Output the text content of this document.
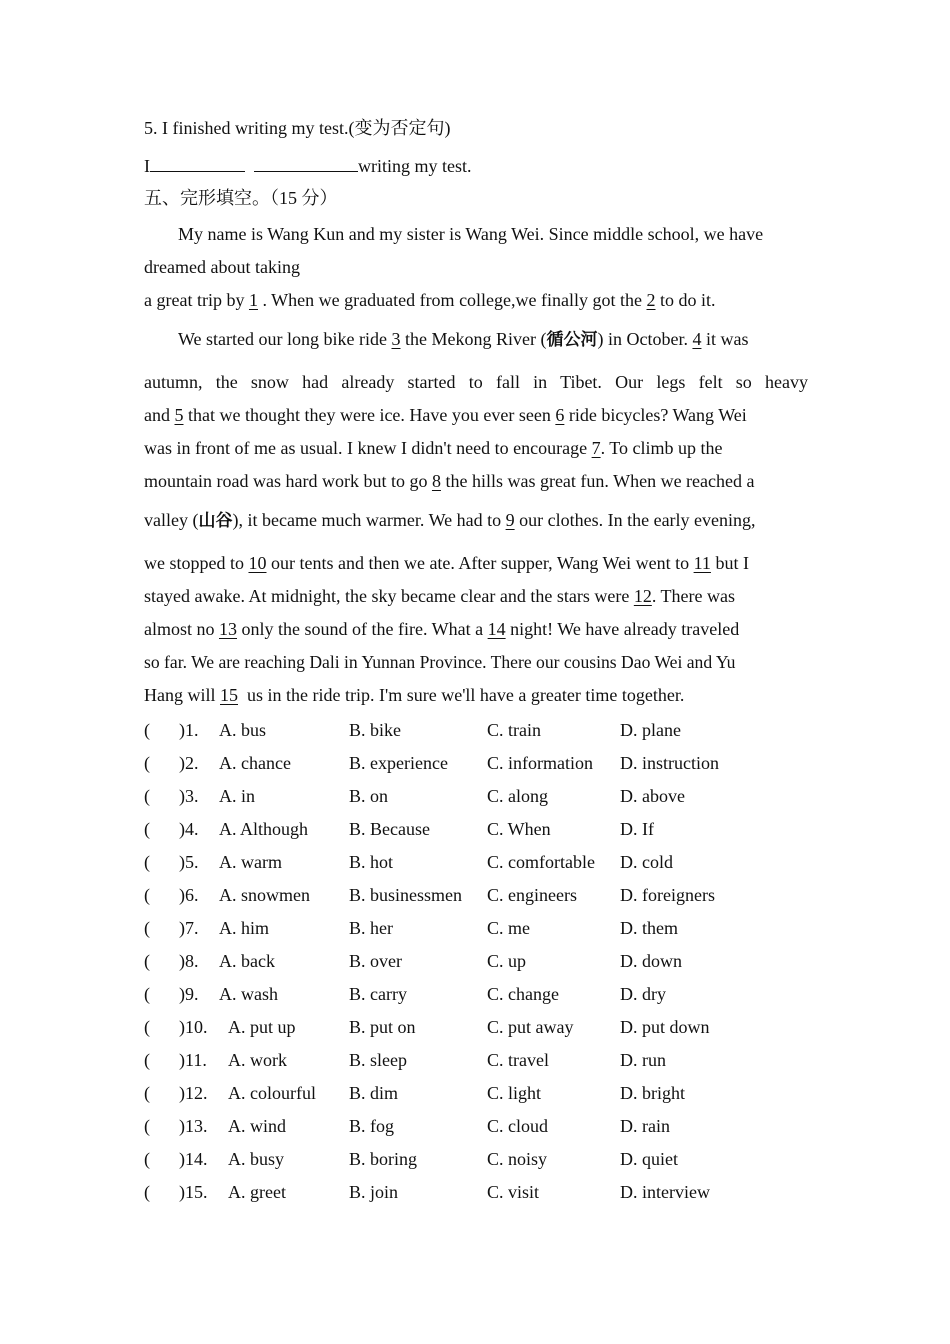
5. I finished writing my test.(变为否定句)
I	writing my test.
五、完形填空。（15 分）
My name is Wang Kun and my sister is Wang Wei. Since middle school, we have
dreamed about taking
a great trip by 1 . When we graduated from college,we finally got the 2 to do it.
We started our long bike ride 3 the Mekong River (循公河) in October. 4 it was
autumn, the snow had already started to fall in Tibet. Our legs felt so heavy
and 5 that we thought they were ice. Have you ever seen 6 ride bicycles? Wang Wei
was in front of me as usual. I knew I didn't need to encourage 7. To climb up the
mountain road was hard work but to go 8 the hills was great fun. When we reached a
valley (山谷), it became much warmer. We had to 9 our clothes. In the early evening,
we stopped to 10 our tents and then we ate. After supper, Wang Wei went to 11 but I
stayed awake. At midnight, the sky became clear and the stars were 12. There was
almost no 13 only the sound of the fire. What a 14 night! We have already traveled
so far. We are reaching Dali in Yunnan Province. There our cousins Dao Wei and Yu
Hang will 15 us in the ride trip. I'm sure we'll have a greater time together.
( )1. A. bus	B. bike	C. train	D. plane
( )2. A. chance	B. experience C. information D. instruction
( )3. A. in	B. on	C. along	D. above
( )4. A. Although B. Because	C. When	D. If
( )5. A. warm	B. hot	C. comfortable D. cold
( )6. A. snowmen B. businessmen C. engineers D. foreigners
( )7. A. him	B. her	C. me	D. them
( )8. A. back	B. over	C. up	D. down
( )9. A. wash	B. carry	C. change	D. dry
( )10. A. put up	B. put on	C. put away	D. put down
( )11. A. work	B. sleep	C. travel	D. run
( )12. A. colourful B. dim	C. light	D. bright
( )13. A. wind	B. fog	C. cloud	D. rain
( )14. A. busy	B. boring	C. noisy	D. quiet
( )15. A. greet	B. join	C. visit	D. interview
